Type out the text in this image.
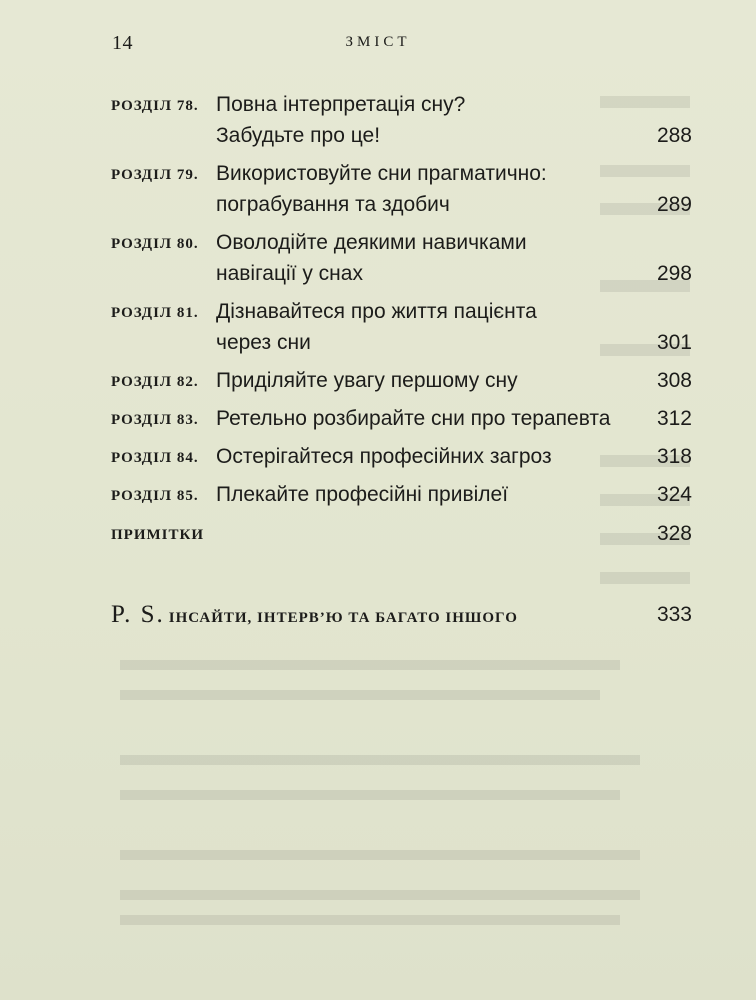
14	ЗМІСТ
РОЗДІЛ 78. Повна інтерпретація сну?
Забудьте про це!	288
РОЗДІЛ 79. Використовуйте сни прагматично:
пограбування та здобич	289
РОЗДІЛ 80. Оволодійте деякими навичками
навігації у снах	298
РОЗДІЛ 81. Дізнавайтеся про життя пацієнта
через сни	301
РОЗДІЛ 82. Приділяйте увагу першому сну	308
РОЗДІЛ 83. Ретельно розбирайте сни про терапевта 312
РОЗДІЛ 84. Остерігайтеся професійних загроз	318
РОЗДІЛ 85. Плекайте професійні привілеї	324
ПРИМІТКИ	328
P. S. ІНСАЙТИ, ІНТЕРВ’Ю ТА БАГАТО ІНШОГО	333
